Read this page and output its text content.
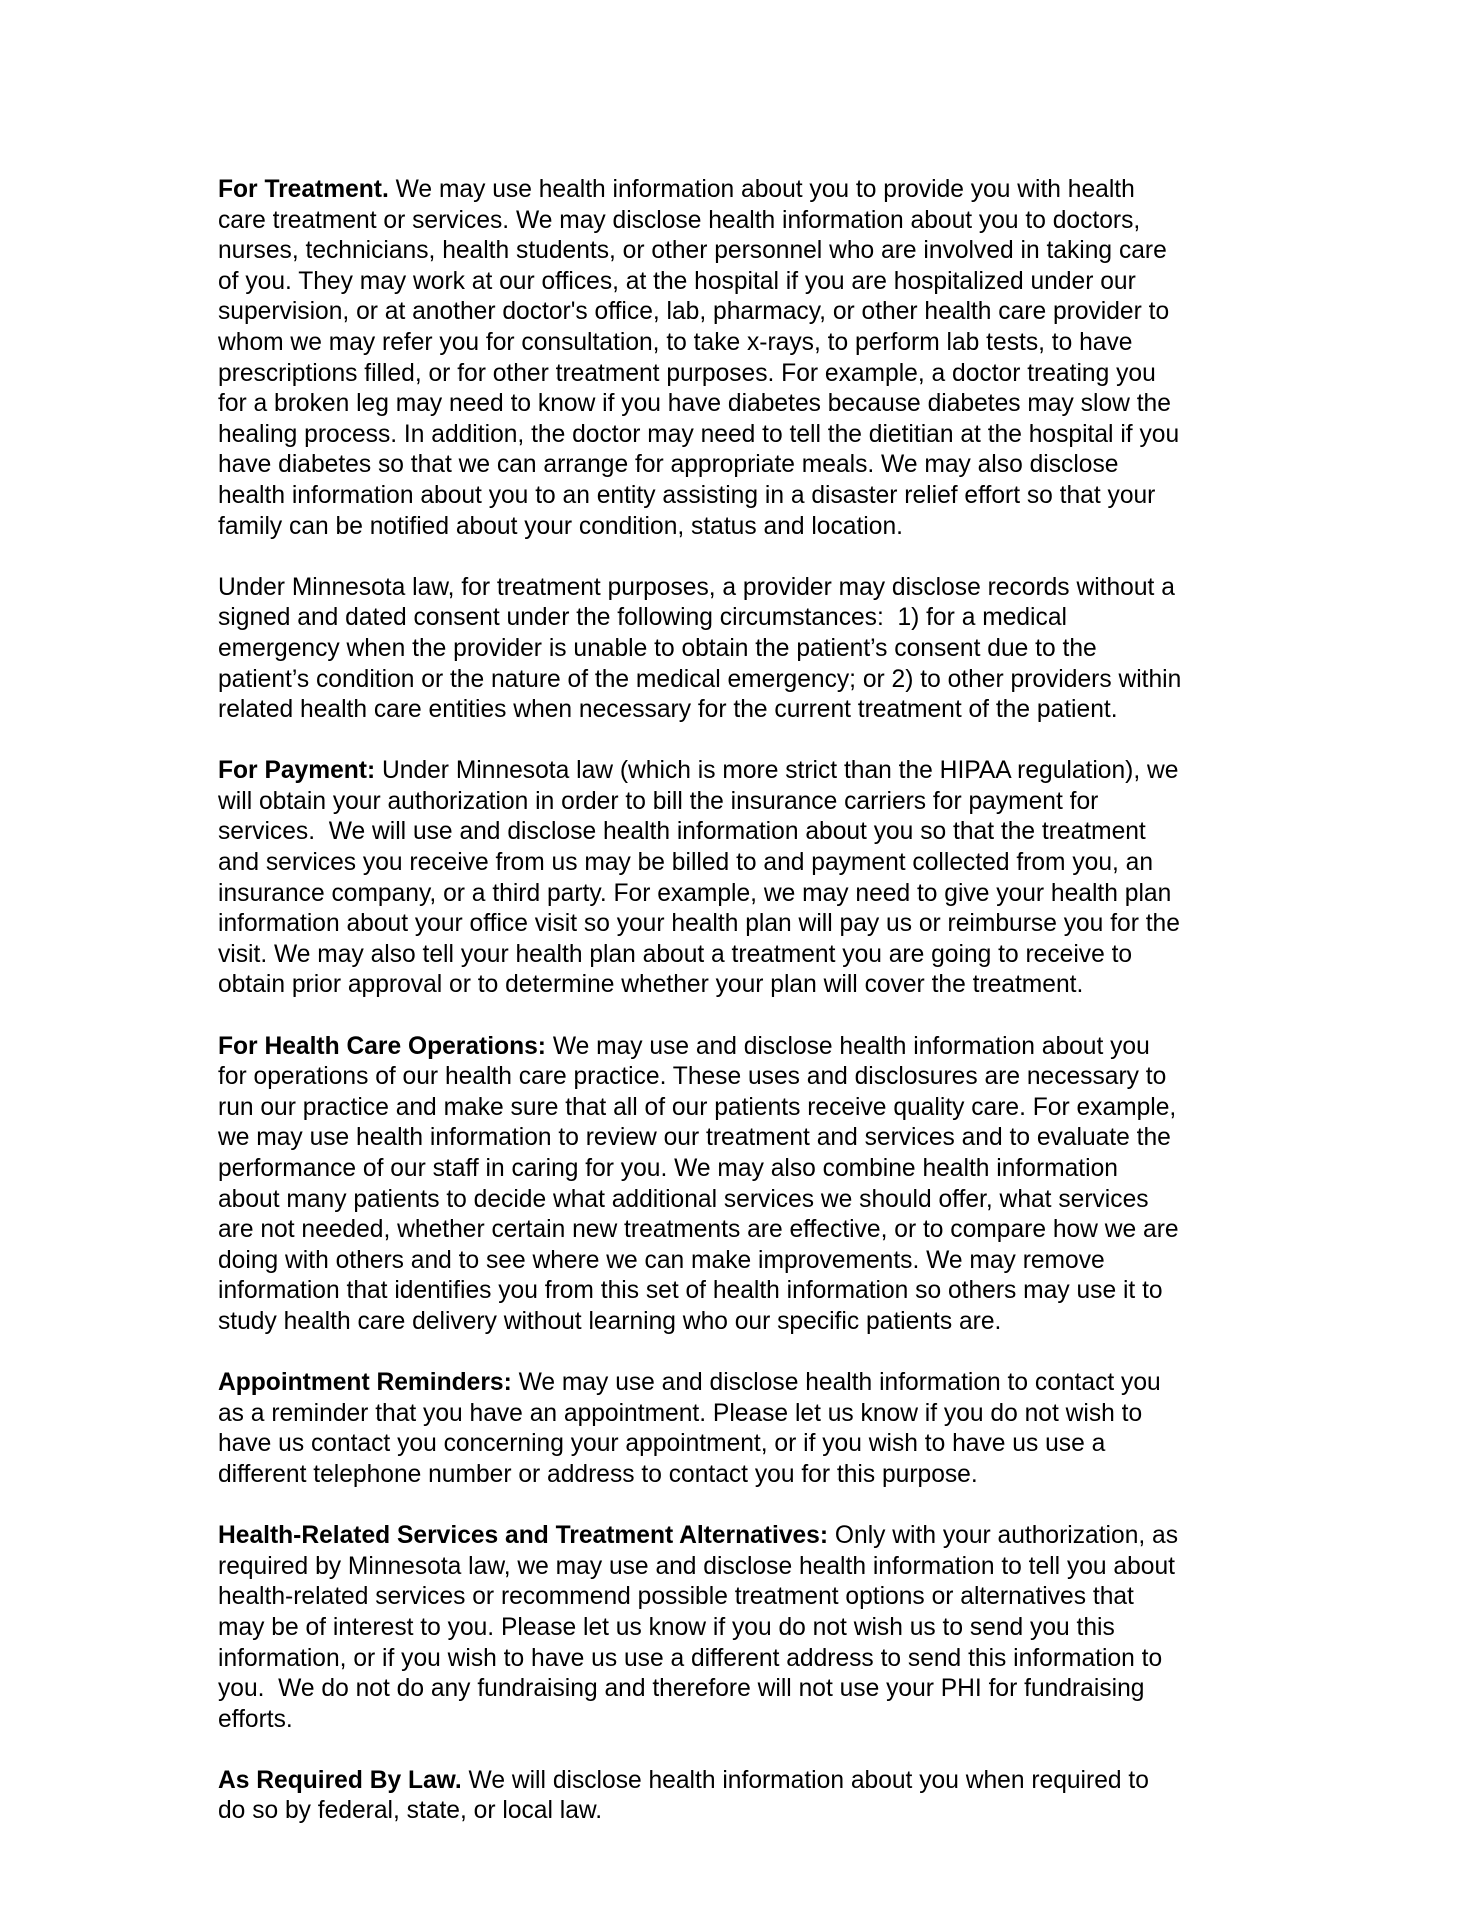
For Treatment. We may use health information about you to provide you with health
care treatment or services. We may disclose health information about you to doctors,
nurses, technicians, health students, or other personnel who are involved in taking care
of you. They may work at our offices, at the hospital if you are hospitalized under our
supervision, or at another doctor's office, lab, pharmacy, or other health care provider to
whom we may refer you for consultation, to take x-rays, to perform lab tests, to have
prescriptions filled, or for other treatment purposes. For example, a doctor treating you
for a broken leg may need to know if you have diabetes because diabetes may slow the
healing process. In addition, the doctor may need to tell the dietitian at the hospital if you
have diabetes so that we can arrange for appropriate meals. We may also disclose
health information about you to an entity assisting in a disaster relief effort so that your
family can be notified about your condition, status and location.

Under Minnesota law, for treatment purposes, a provider may disclose records without a
signed and dated consent under the following circumstances:  1) for a medical
emergency when the provider is unable to obtain the patient’s consent due to the
patient’s condition or the nature of the medical emergency; or 2) to other providers within
related health care entities when necessary for the current treatment of the patient.

For Payment: Under Minnesota law (which is more strict than the HIPAA regulation), we
will obtain your authorization in order to bill the insurance carriers for payment for
services.  We will use and disclose health information about you so that the treatment
and services you receive from us may be billed to and payment collected from you, an
insurance company, or a third party. For example, we may need to give your health plan
information about your office visit so your health plan will pay us or reimburse you for the
visit. We may also tell your health plan about a treatment you are going to receive to
obtain prior approval or to determine whether your plan will cover the treatment.

For Health Care Operations: We may use and disclose health information about you
for operations of our health care practice. These uses and disclosures are necessary to
run our practice and make sure that all of our patients receive quality care. For example,
we may use health information to review our treatment and services and to evaluate the
performance of our staff in caring for you. We may also combine health information
about many patients to decide what additional services we should offer, what services
are not needed, whether certain new treatments are effective, or to compare how we are
doing with others and to see where we can make improvements. We may remove
information that identifies you from this set of health information so others may use it to
study health care delivery without learning who our specific patients are.

Appointment Reminders: We may use and disclose health information to contact you
as a reminder that you have an appointment. Please let us know if you do not wish to
have us contact you concerning your appointment, or if you wish to have us use a
different telephone number or address to contact you for this purpose.

Health-Related Services and Treatment Alternatives: Only with your authorization, as
required by Minnesota law, we may use and disclose health information to tell you about
health-related services or recommend possible treatment options or alternatives that
may be of interest to you. Please let us know if you do not wish us to send you this
information, or if you wish to have us use a different address to send this information to
you.  We do not do any fundraising and therefore will not use your PHI for fundraising
efforts.

As Required By Law. We will disclose health information about you when required to
do so by federal, state, or local law.
